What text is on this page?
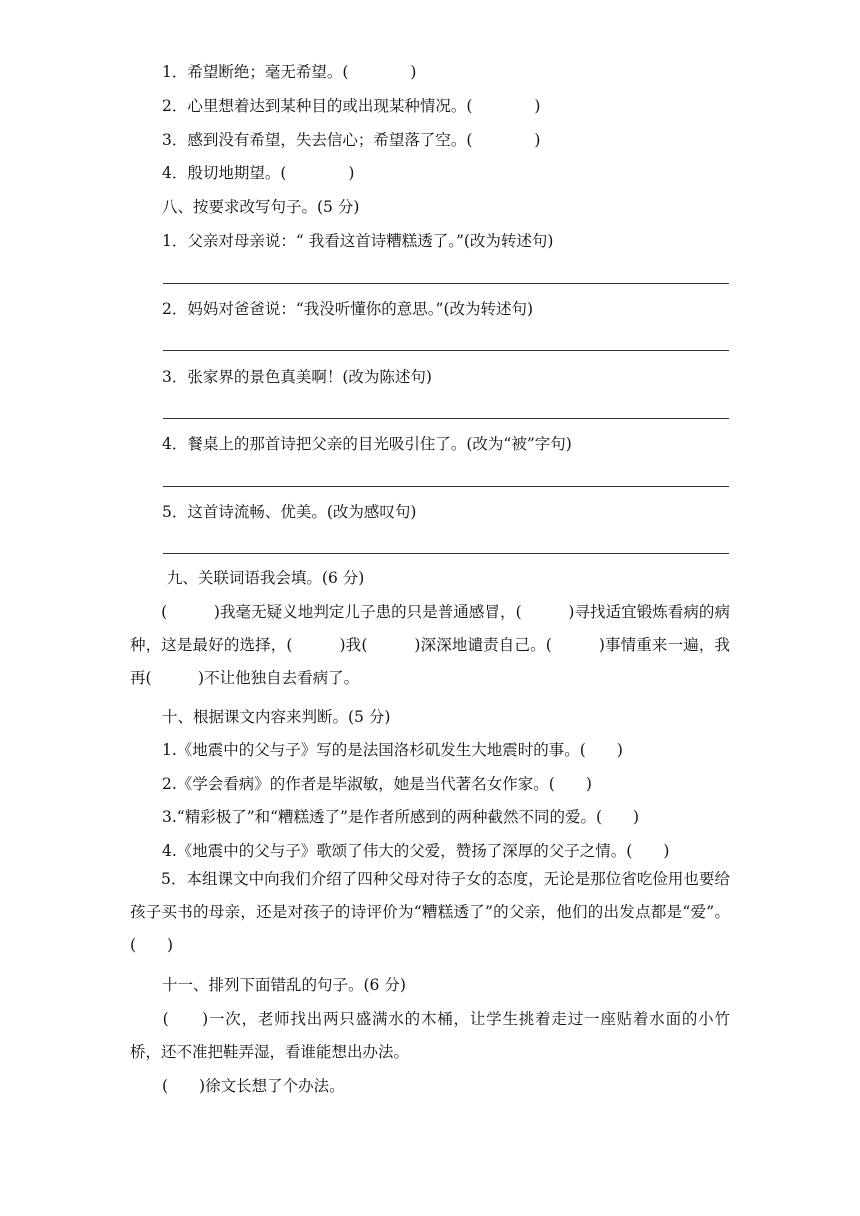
1．希望断绝；毫无希望。(　　　　)
2．心里想着达到某种目的或出现某种情况。(　　　　)
3．感到没有希望，失去信心；希望落了空。(　　　　)
4．殷切地期望。(　　　　)
八、按要求改写句子。(5 分)
1．父亲对母亲说：“ 我看这首诗糟糕透了。”(改为转述句)
2．妈妈对爸爸说：“我没听懂你的意思。”(改为转述句)
3．张家界的景色真美啊！(改为陈述句)
4．餐桌上的那首诗把父亲的目光吸引住了。(改为“被”字句)
5．这首诗流畅、优美。(改为感叹句)
九、关联词语我会填。(6 分)
　　(　　　)我毫无疑义地判定儿子患的只是普通感冒，(　　　)寻找适宜锻炼看病的病种，这是最好的选择，(　　　)我(　　　)深深地谴责自己。(　　　)事情重来一遍，我再(　　　)不让他独自去看病了。
十、根据课文内容来判断。(5 分)
1.《地震中的父与子》写的是法国洛杉矶发生大地震时的事。(　　)
2.《学会看病》的作者是毕淑敏，她是当代著名女作家。(　　)
3.“精彩极了”和“糟糕透了”是作者所感到的两种截然不同的爱。(　　)
4.《地震中的父与子》歌颂了伟大的父爱，赞扬了深厚的父子之情。(　　)
　　5．本组课文中向我们介绍了四种父母对待子女的态度，无论是那位省吃俭用也要给孩子买书的母亲，还是对孩子的诗评价为“糟糕透了”的父亲，他们的出发点都是“爱”。(　　)
十一、排列下面错乱的句子。(6 分)
　　(　　)一次，老师找出两只盛满水的木桶，让学生挑着走过一座贴着水面的小竹桥，还不准把鞋弄湿，看谁能想出办法。
(　　)徐文长想了个办法。
